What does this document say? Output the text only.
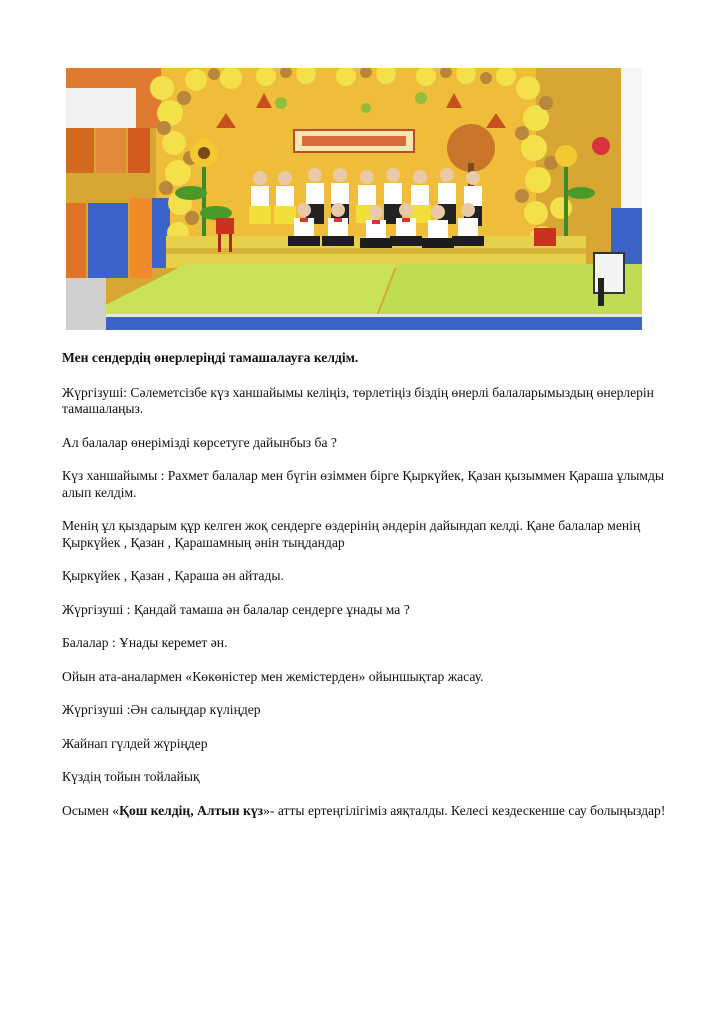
Мен сендердің өнерлеріңді тамашалауға келдім.

Жүргізуші: Сәлеметсізбе күз ханшайымы келіңіз, төрлетіңіз біздің өнерлі балаларымыздың өнерлерін тамашалаңыз.

Ал балалар өнерімізді көрсетуге дайынбыз ба ?

Күз ханшайымы : Рахмет балалар мен бүгін өзіммен бірге Қыркүйек, Қазан қызыммен Қараша ұлымды алып келдім.

Менің ұл қыздарым құр келген жоқ сендерге өздерінің әндерін дайындап келді. Қане балалар менің Қыркүйек , Қазан , Қарашамның әнін тыңдандар

Қыркүйек , Қазан , Қараша ән айтады.

Жүргізуші : Қандай тамаша ән балалар сендерге ұнады ма ?

Балалар : Ұнады керемет ән.

Ойын ата-аналармен «Көкөністер мен жемістерден» ойыншықтар жасау.

Жүргізуші :Ән салыңдар күліңдер

Жайнап гүлдей жүріңдер

Күздің тойын тойлайық

Осымен «Қош келдің, Алтын күз»- атты ертеңгілігіміз аяқталды. Келесі кездескенше сау болыңыздар!
